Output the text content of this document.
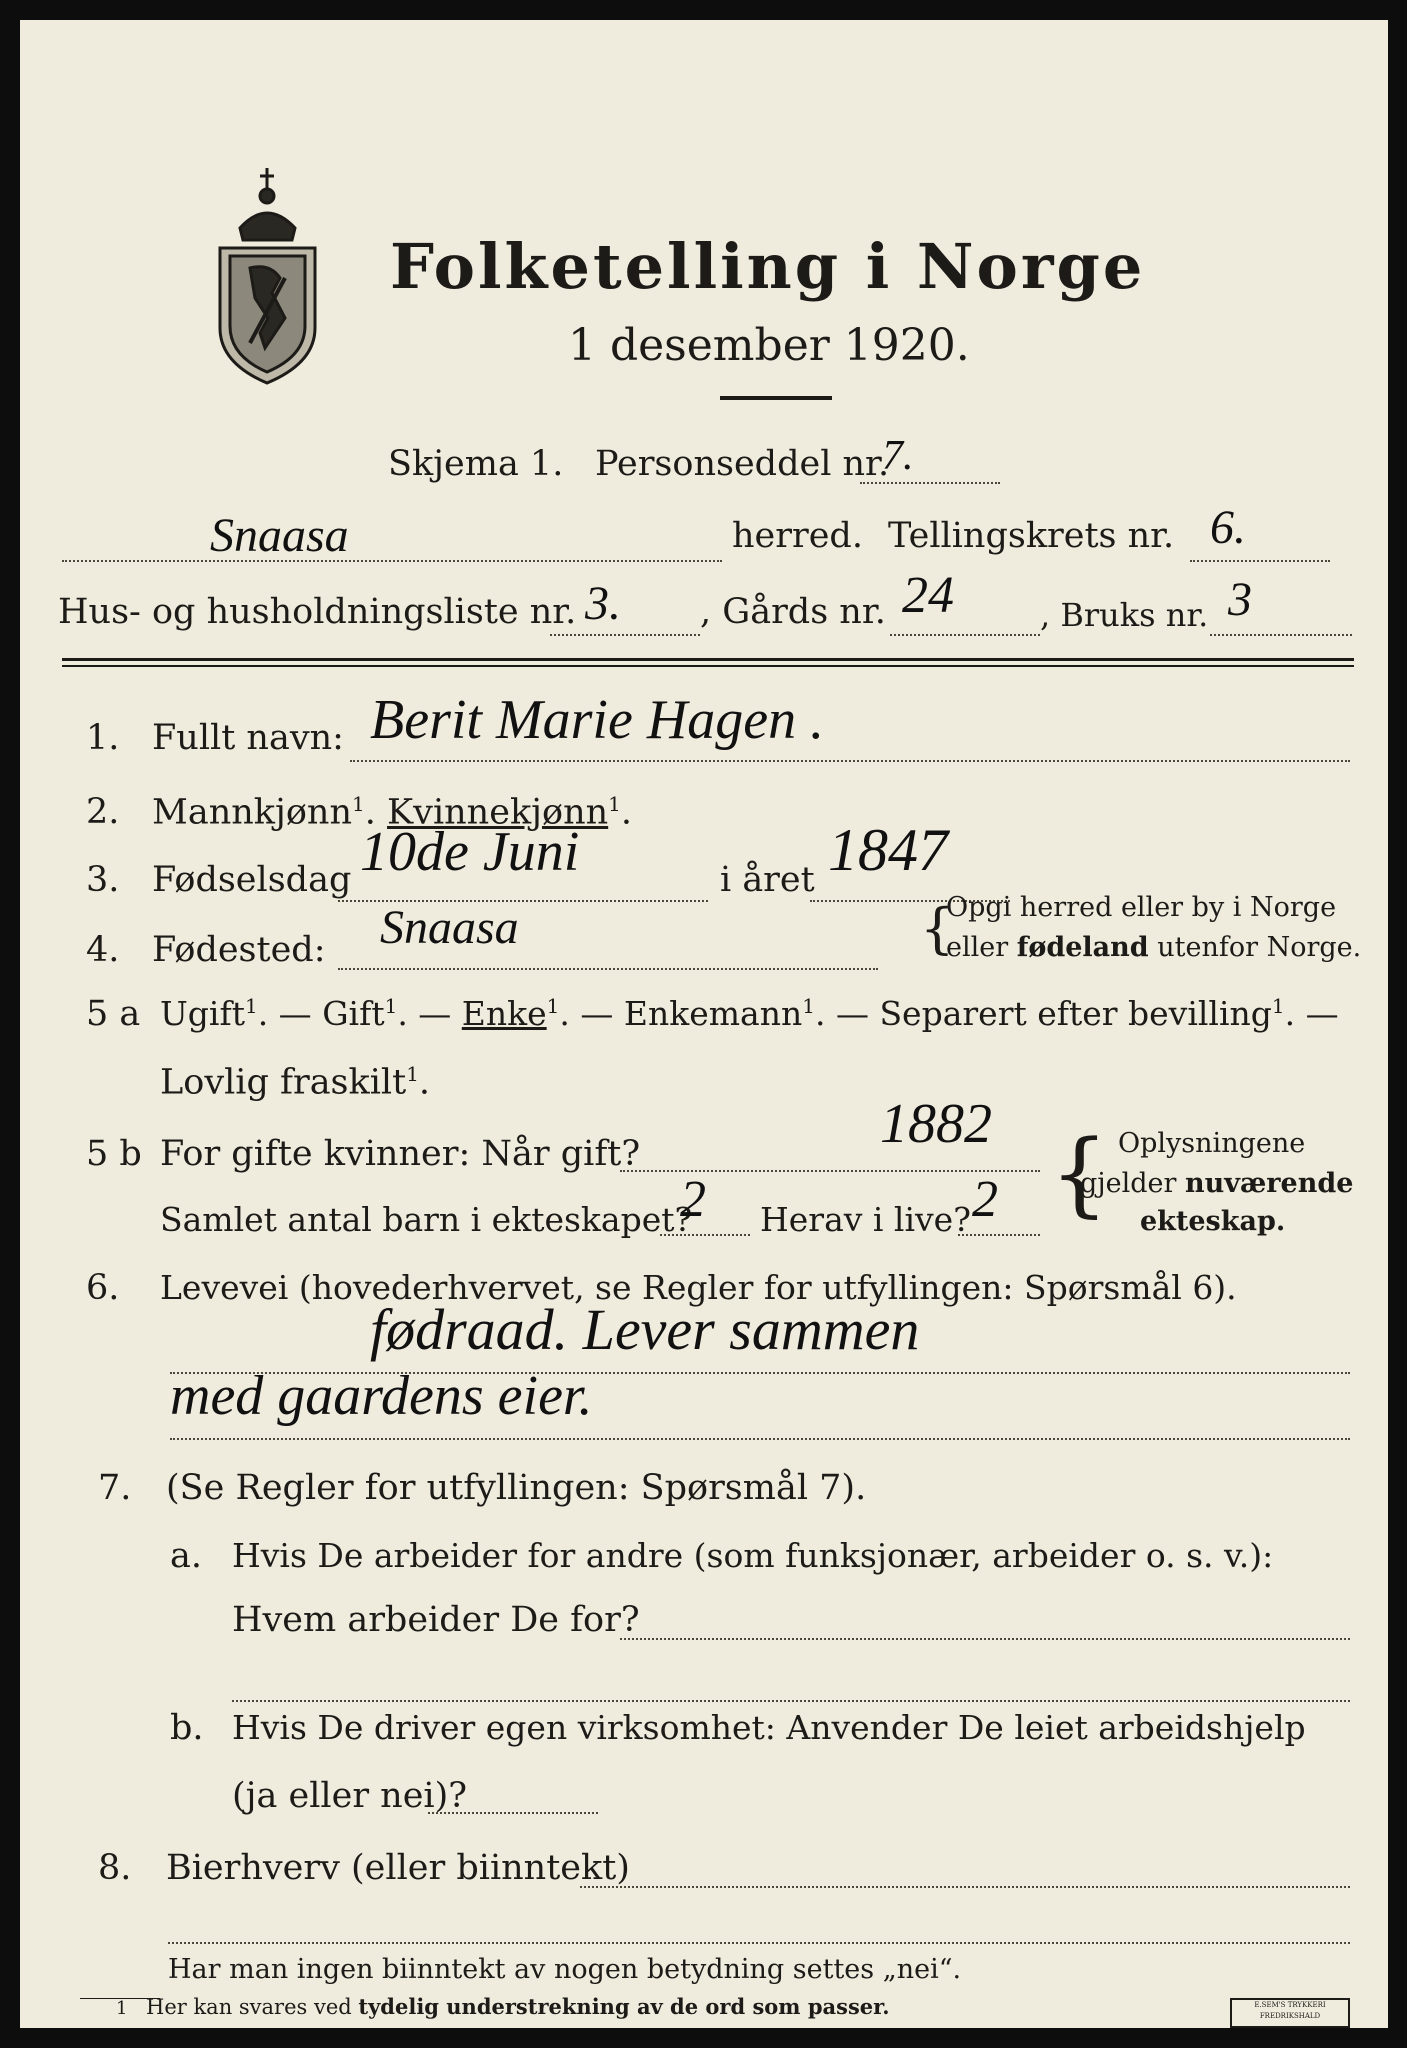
Folketelling i Norge
1 desember 1920.
Skjema 1. Personseddel nr.
7.
Snaasa	herred. Tellingskrets nr. 6.
Hus- og husholdningsliste nr. 3. , Gårds nr. 24	, Bruks nr. 3
1. Fullt navn: Berit Marie Hagen .
2. Mannkjønn$^1$. Kvinnekjønn$^1$.
3. Fødselsdag 10de Juni	i året 1847
4. Fødested: Snaasa	{
Opgi herred eller by i Norge
eller fødeland utenfor Norge.
5 a Ugift$^1$. — Gift$^1$. — Enke$^1$. — Enkemann$^1$. — Separert efter bevilling$^1$. —
Lovlig fraskilt$^1$.
5 b For gifte kvinner: Når gift?	1882
Samlet antal barn i ekteskapet?
2 Herav i live? 2 { Oplysningene
gjelder nuværende
ekteskap.
6. Levevei (hovederhvervet, se Regler for utfyllingen: Spørsmål 6).
fødraad. Lever sammen
med gaardens eier.
7. (Se Regler for utfyllingen: Spørsmål 7).
a. Hvis De arbeider for andre (som funksjonær, arbeider o. s. v.):
Hvem arbeider De for?
b. Hvis De driver egen virksomhet: Anvender De leiet arbeidshjelp
(ja eller nei)?
8. Bierhverv (eller biinntekt)
Har man ingen biinntekt av nogen betydning settes „nei“.
1 Her kan svares ved tydelig understrekning av de ord som passer.	E.SEM'S TRYKKERI FREDRIKSHALD
